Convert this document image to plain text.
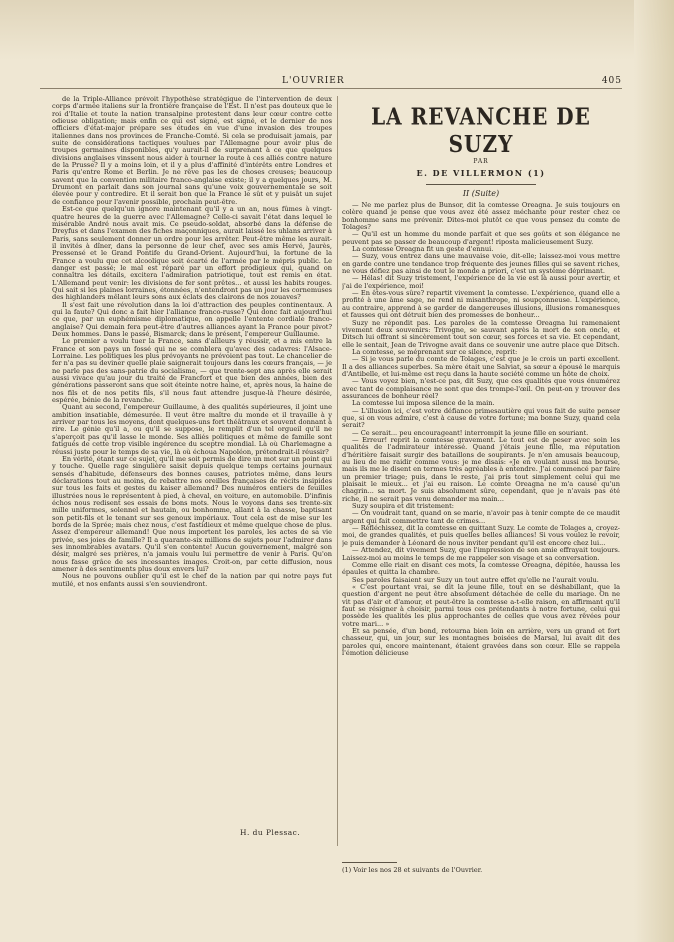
L'OUVRIER	405

de la Triple-Alliance prévoit l'hypothèse stratégique de l'intervention de deux corps d'armée italiens sur la frontière française de l'Est. Il n'est pas douteux que le roi d'Italie et toute la nation transalpine protestent dans leur cœur contre cette odieuse obligation; mais enfin ce qui est signé, est signé, et le dernier de nos officiers d'état-major prépare ses études en vue d'une invasion des troupes italiennes dans nos provinces de Franche-Comté. Si cela se produisait jamais, par suite de considérations tactiques voulues par l'Allemagne pour avoir plus de troupes germaines disponibles, qu'y aurait-il de surprenant à ce que quelques divisions anglaises vinssent nous aider à tourner la route à ces alliés contre nature de la Prusse? Il y a moins loin, et il y a plus d'affinité d'intérêts entre Londres et Paris qu'entre Rome et Berlin. Je ne rêve pas les de choses creuses; beaucoup savent que la convention militaire franco-anglaise existe; il y a quelques jours, M. Drumont en parlait dans son journal sans qu'une voix gouvernementale se soit élevée pour y contredire. Et il serait bon que la France le sût et y puisât un sujet de confiance pour l'avenir possible, prochain peut-être.

Est-ce que quelqu'un ignore maintenant qu'il y a un an, nous fûmes à vingt-quatre heures de la guerre avec l'Allemagne? Celle-ci savait l'état dans lequel le misérable André nous avait mis. Ce pseudo-soldat, absorbé dans la défense de Dreyfus et dans l'examen des fiches maçonniques, aurait laissé les uhlans arriver à Paris, sans seulement donner un ordre pour les arrêter. Peut-être même les aurait-il invités à dîner, dans la personne de leur chef, avec ses amis Hervé, Jaurès, Pressensé et le Grand Pontife du Grand-Orient. Aujourd'hui, la fortune de la France a voulu que cet alcoolique soit écarté de l'armée par le mépris public. Le danger est passé; le mal est réparé par un effort prodigieux qui, quand on connaîtra les détails, excitera l'admiration patriotique, tout est remis en état. L'Allemand peut venir: les divisions de fer sont prêtes... et aussi les habits rouges. Qui sait si les plaines lorraines, étonnées, n'entendront pas un jour les cornemuses des highlanders mêlant leurs sons aux éclats des clairons de nos zouaves?

Il s'est fait une révolution dans la loi d'attraction des peuples continentaux. A qui la faute? Qui donc a fait hier l'alliance franco-russe? Qui donc fait aujourd'hui ce que, par un euphémisme diplomatique, on appelle l'entente cordiale franco-anglaise? Qui demain fera peut-être d'autres alliances ayant la France pour pivot? Deux hommes. Dans le passé, Bismarck; dans le présent, l'empereur Guillaume.

Le premier a voulu tuer la France, sans d'ailleurs y réussir, et a mis entre la France et son pays un fossé qui ne se comblera qu'avec des cadavres: l'Alsace-Lorraine. Les politiques les plus prévoyants ne prévoient pas tout. Le chancelier de fer n'a pas su deviner quelle plaie saignerait toujours dans les cœurs français, — je ne parle pas des sans-patrie du socialisme, — que trente-sept ans après elle serait aussi vivace qu'au jour du traité de Francfort et que bien des années, bien des générations passeront sans que soit éteinte notre haine, et, après nous, la haine de nos fils et de nos petits fils, s'il nous faut attendre jusque-là l'heure désirée, espérée, bénie de la revanche.

Quant au second, l'empereur Guillaume, à des qualités supérieures, il joint une ambition insatiable, démesurée. Il veut être maître du monde et il travaille à y arriver par tous les moyens, dont quelques-uns fort théâtraux et souvent donnant à rire. Le génie qu'il a, ou qu'il se suppose, le remplit d'un tel orgueil qu'il ne s'aperçoit pas qu'il lasse le monde. Ses alliés politiques et même de famille sont fatigués de cette trop visible ingérence du sceptre mondial. Là où Charlemagne a réussi juste pour le temps de sa vie, là où échoua Napoléon, prétendrait-il réussir?

En vérité, étant sur ce sujet, qu'il me soit permis de dire un mot sur un point qui y touche. Quelle rage singulière saisit depuis quelque temps certains journaux sensés d'habitude, défenseurs des bonnes causes, patriotes même, dans leurs déclarations tout au moins, de rebattre nos oreilles françaises de récits insipides sur tous les faits et gestes du kaiser allemand? Des numéros entiers de feuilles illustrées nous le représentent à pied, à cheval, en voiture, en automobile. D'infinis échos nous redisent ses essais de bons mots. Nous le voyons dans ses trente-six mille uniformes, solennel et hautain, ou bonhomme, allant à la chasse, baptisant son petit-fils et le tenant sur ses genoux impériaux. Tout cela est de mise sur les bords de la Sprée; mais chez nous, c'est fastidieux et même quelque chose de plus. Assez d'empereur allemand! Que nous importent les paroles, les actes de sa vie privée, ses joies de famille? Il a quarante-six millions de sujets pour l'admirer dans ses innombrables avatars. Qu'il s'en contente! Aucun gouvernement, malgré son désir, malgré ses prières, n'a jamais voulu lui permettre de venir à Paris. Qu'on nous fasse grâce de ses incessantes images. Croit-on, par cette diffusion, nous amener à des sentiments plus doux envers lui?

Nous ne pouvons oublier qu'il est le chef de la nation par qui notre pays fut mutilé, et nos enfants aussi s'en souviendront.

H. du Plessac.
LA REVANCHE DE SUZY
PAR
E. DE VILLERMON (1)
II (Suite)

— Ne me parlez plus de Bunsor, dit la comtesse Oreagna. Je suis toujours en colère quand je pense que vous avez été assez méchante pour rester chez ce bonhomme sans me prévenir. Dites-moi plutôt ce que vous pensez du comte de Tolages?

— Qu'il est un homme du monde parfait et que ses goûts et son élégance ne peuvent pas se passer de beaucoup d'argent! riposta malicieusement Suzy.

La comtesse Oreagna fit un geste d'ennui.

— Suzy, vous entrez dans une mauvaise voie, dit-elle; laissez-moi vous mettre en garde contre une tendance trop fréquente des jeunes filles qui se savent riches, ne vous défiez pas ainsi de tout le monde a priori, c'est un système déprimant.

— Hélas! dit Suzy tristement, l'expérience de la vie est là aussi pour avertir, et j'ai de l'expérience, moi!

— En êtes-vous sûre? repartit vivement la comtesse. L'expérience, quand elle a profité à une âme sage, ne rend ni misanthrope, ni soupçonneuse. L'expérience, au contraire, apprend à se garder de dangereuses illusions, illusions romanesques et fausses qui ont détruit bien des promesses de bonheur...

Suzy ne répondit pas. Les paroles de la comtesse Oreagna lui ramenaient vivement deux souvenirs: Trivogne, se sauvant après la mort de son oncle, et Ditsch lui offrant si sincèrement tout son cœur, ses forces et sa vie. Et cependant, elle le sentait, Jean de Trivogne avait dans ce souvenir une autre place que Ditsch.

La comtesse, se méprenant sur ce silence, reprit:

— Si je vous parle du comte de Tolages, c'est que je le crois un parti excellent. Il a des alliances superbes. Sa mère était une Salviat, sa sœur a épousé le marquis d'Antibelle, et lui-même est reçu dans la haute société comme un hôte de choix.

— Vous voyez bien, n'est-ce pas, dit Suzy, que ces qualités que vous énumérez avec tant de complaisance ne sont que des trompe-l'œil. On peut-on y trouver des assurances de bonheur réel?

La comtesse lui imposa silence de la main.

— L'illusion ici, c'est votre défiance primesautière qui vous fait de suite penser que, si on vous admire, c'est à cause de votre fortune; ma bonne Suzy, quand cela serait?

— Ce serait... peu encourageant! interrompit la jeune fille en souriant.

— Erreur! reprit la comtesse gravement. Le tout est de peser avec soin les qualités de l'admirateur intéressé. Quand j'étais jeune fille, ma réputation d'héritière faisait surgir des bataillons de soupirants. Je n'en amusais beaucoup, au lieu de me raidir comme vous: je me disais: «Je en voulant aussi ma bourse, mais ils me le disent en termes très agréables à entendre. J'ai commencé par faire un premier triage; puis, dans le reste, j'ai pris tout simplement celui qui me plaisait le mieux... et j'ai eu raison. Le comte Oreagna ne m'a causé qu'un chagrin... sa mort. Je suis absolument sûre, cependant, que je n'avais pas été riche, il ne serait pas venu demander ma main...

Suzy soupira et dit tristement:

— On voudrait tant, quand on se marie, n'avoir pas à tenir compte de ce maudit argent qui fait commettre tant de crimes...

— Réfléchissez, dit la comtesse en quittant Suzy. Le comte de Tolages a, croyez-moi, de grandes qualités, et puis quelles belles alliances! Si vous voulez le revoir, je puis demander à Léonard de nous inviter pendant qu'il est encore chez lui...

— Attendez, dit vivement Suzy, que l'impression de son amie effrayait toujours. Laissez-moi au moins le temps de me rappeler son visage et sa conversation.

Comme elle riait en disant ces mots, la comtesse Oreagna, dépitée, haussa les épaules et quitta la chambre.

Ses paroles faisaient sur Suzy un tout autre effet qu'elle ne l'aurait voulu.

« C'est pourtant vrai, se dit la jeune fille, tout en se déshabillant, que la question d'argent ne peut être absolument détachée de celle du mariage. On ne vit pas d'air et d'amour, et peut-être la comtesse a-t-elle raison, en affirmant qu'il faut se résigner à choisir, parmi tous ces prétendants à notre fortune, celui qui possède les qualités les plus approchantes de celles que vous avez rêvées pour votre mari... »

Et sa pensée, d'un bond, retourna bien loin en arrière, vers un grand et fort chasseur, qui, un jour, sur les montagnes boisées de Marsal, lui avait dit des paroles qui, encore maintenant, étaient gravées dans son cœur. Elle se rappela l'émotion délicieuse

(1) Voir les nos 28 et suivants de l'Ouvrier.
